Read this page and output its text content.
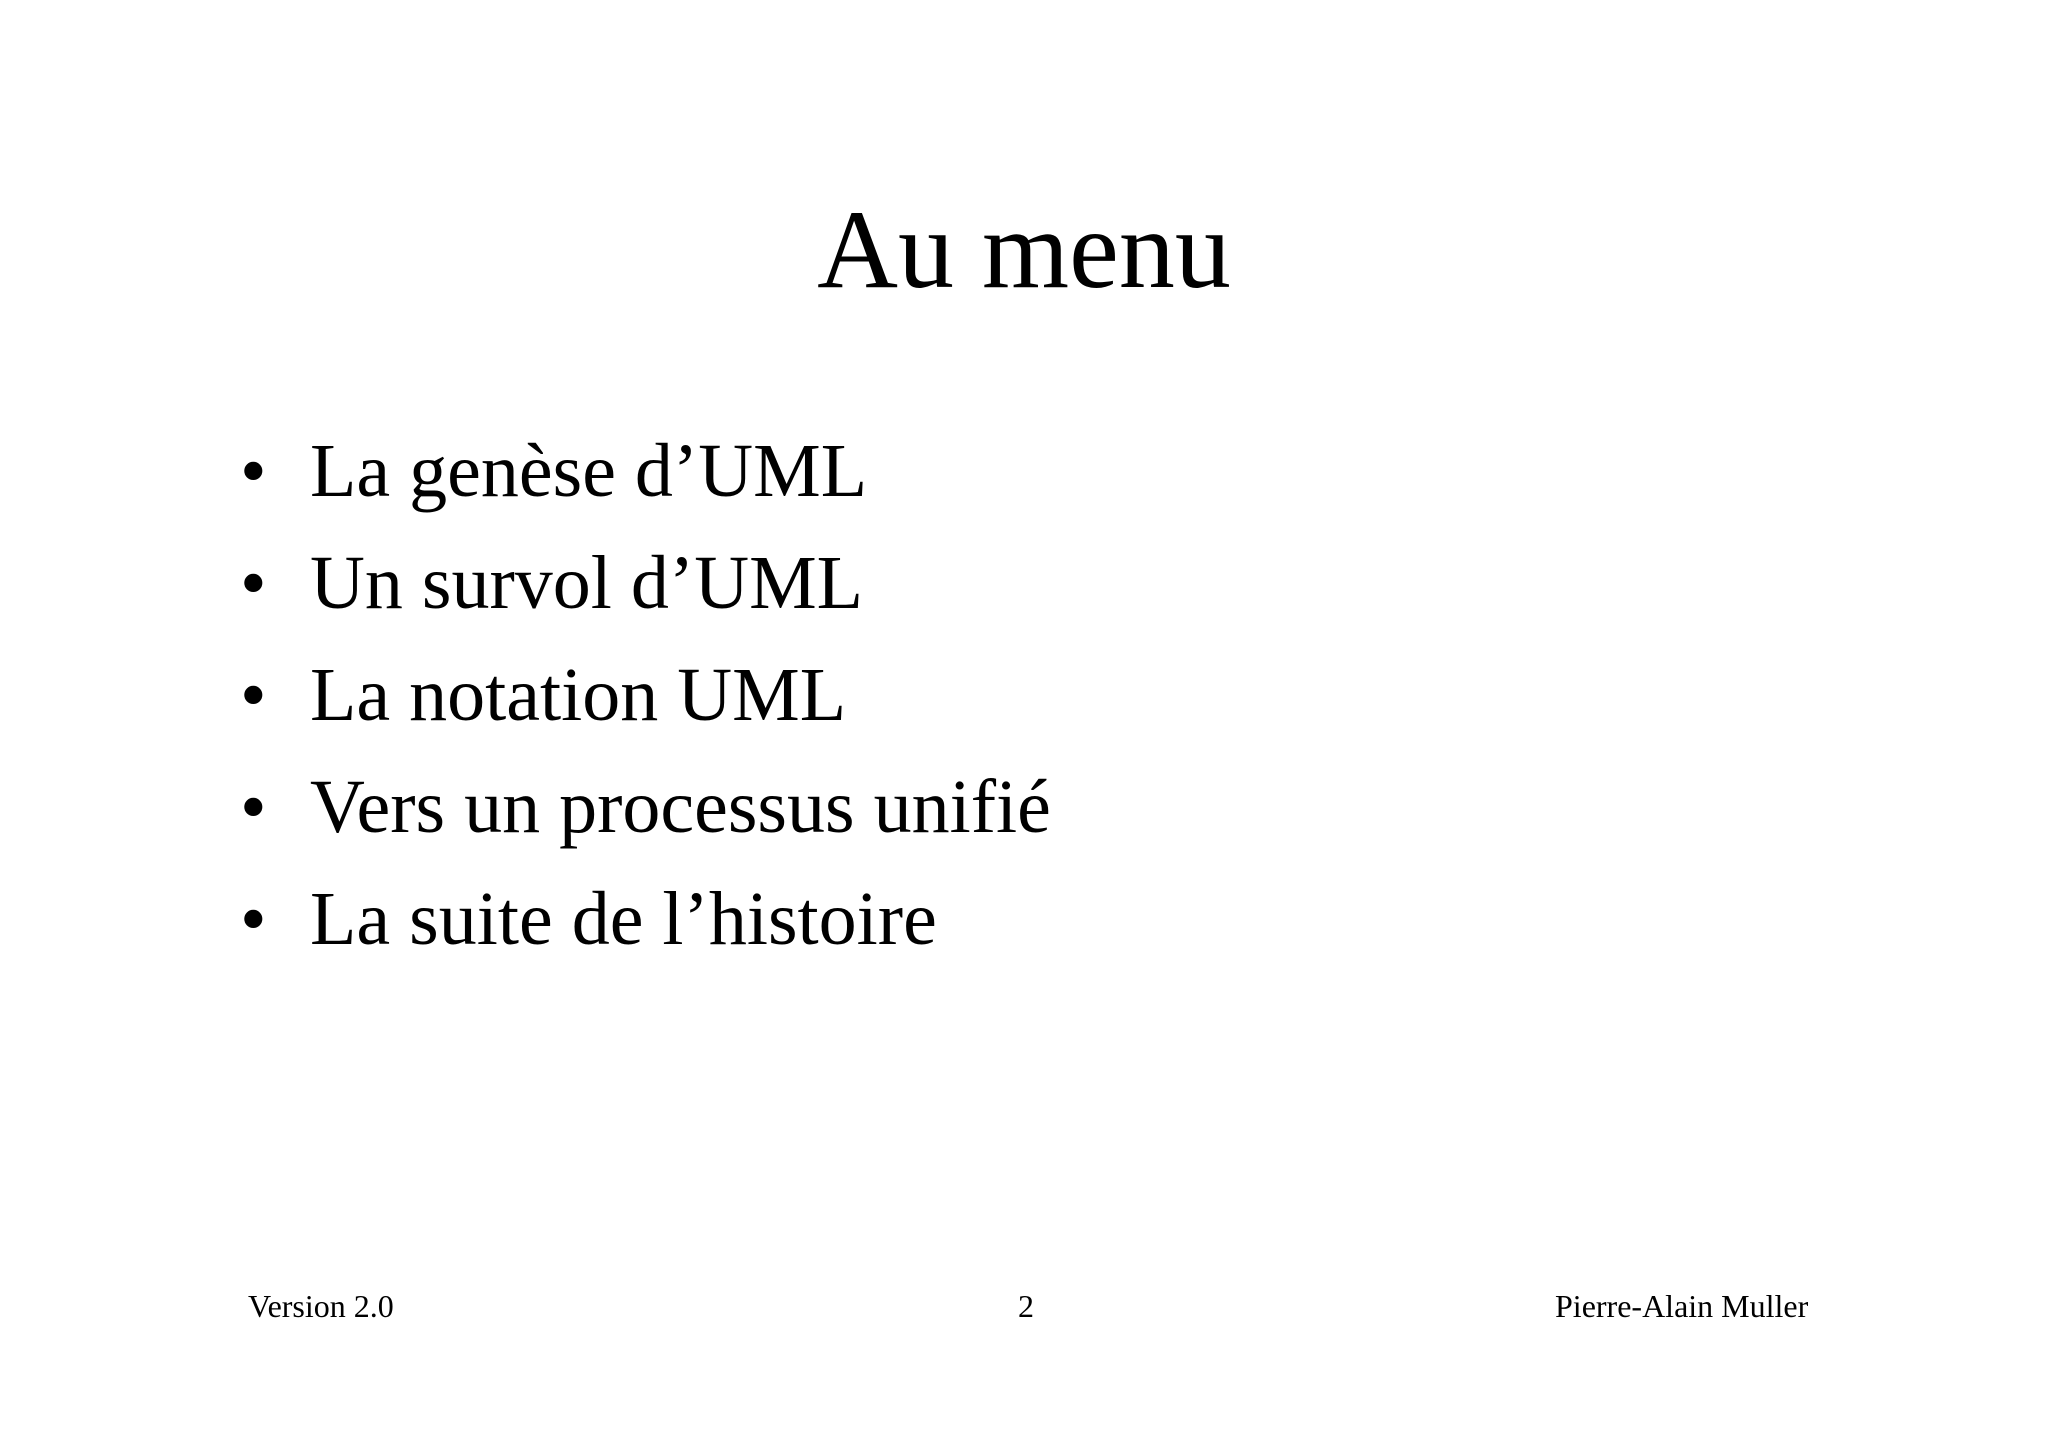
Au menu
• La genèse d’UML
• Un survol d’UML
• La notation UML
• Vers un processus unifié
• La suite de l’histoire
Version 2.0	2	Pierre-Alain Muller
